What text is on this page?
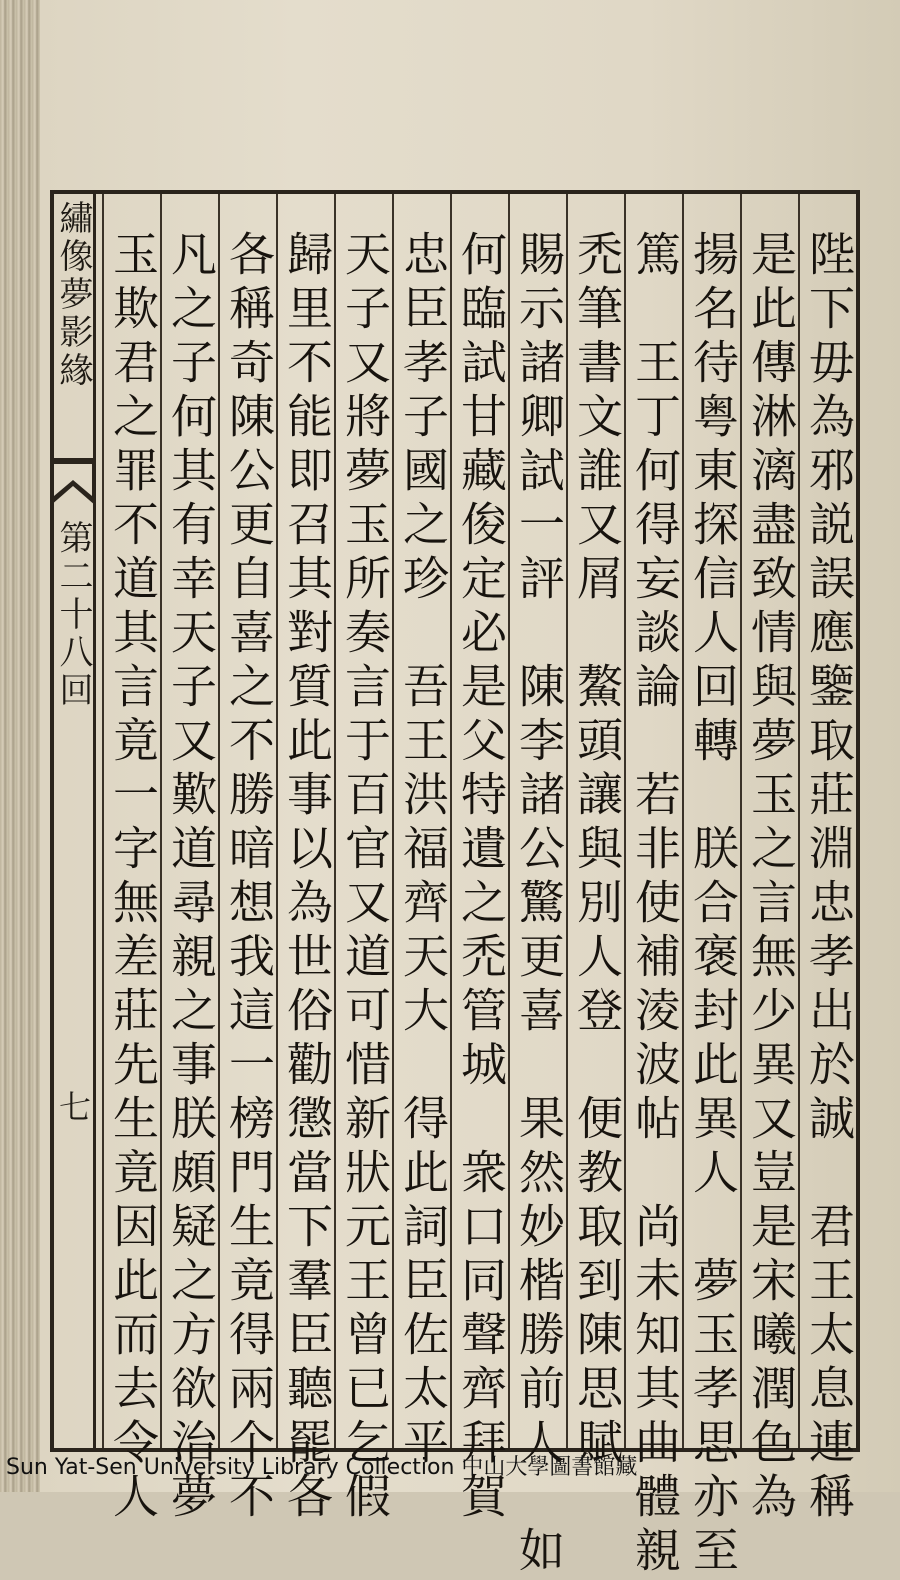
繡像夢影緣
第二十八回
七	陛下毋為邪説誤應鑒取莊淵忠孝出於誠　君王太息連稱
是此傳淋漓盡致情與夢玉之言無少異又豈是宋曦潤色為
揚名待粤東探信人回轉　朕合褒封此異人　夢玉孝思亦至
篤　王丁何得妄談論　若非使補淩波帖　尚未知其曲體親
禿筆書文誰又屑　鰲頭讓與別人登　便教取到陳思賦
賜示諸卿試一評　陳李諸公驚更喜　果然妙楷勝前人　如
何臨試甘藏俊定必是父特遺之禿管城　衆口同聲齊拜賀
忠臣孝子國之珍　吾王洪福齊天大　得此詞臣佐太平
天子又將夢玉所奏言于百官又道可惜新狀元王曾已乞假
歸里不能即召其對質此事以為世俗勸懲當下羣臣聽罷各
各稱奇陳公更自喜之不勝暗想我這一榜門生竟得兩个不
凡之子何其有幸天子又歎道尋親之事朕頗疑之方欲治夢
玉欺君之罪不道其言竟一字無差莊先生竟因此而去令人
Sun Yat-Sen University Library Collection 中山大學圖書館藏
